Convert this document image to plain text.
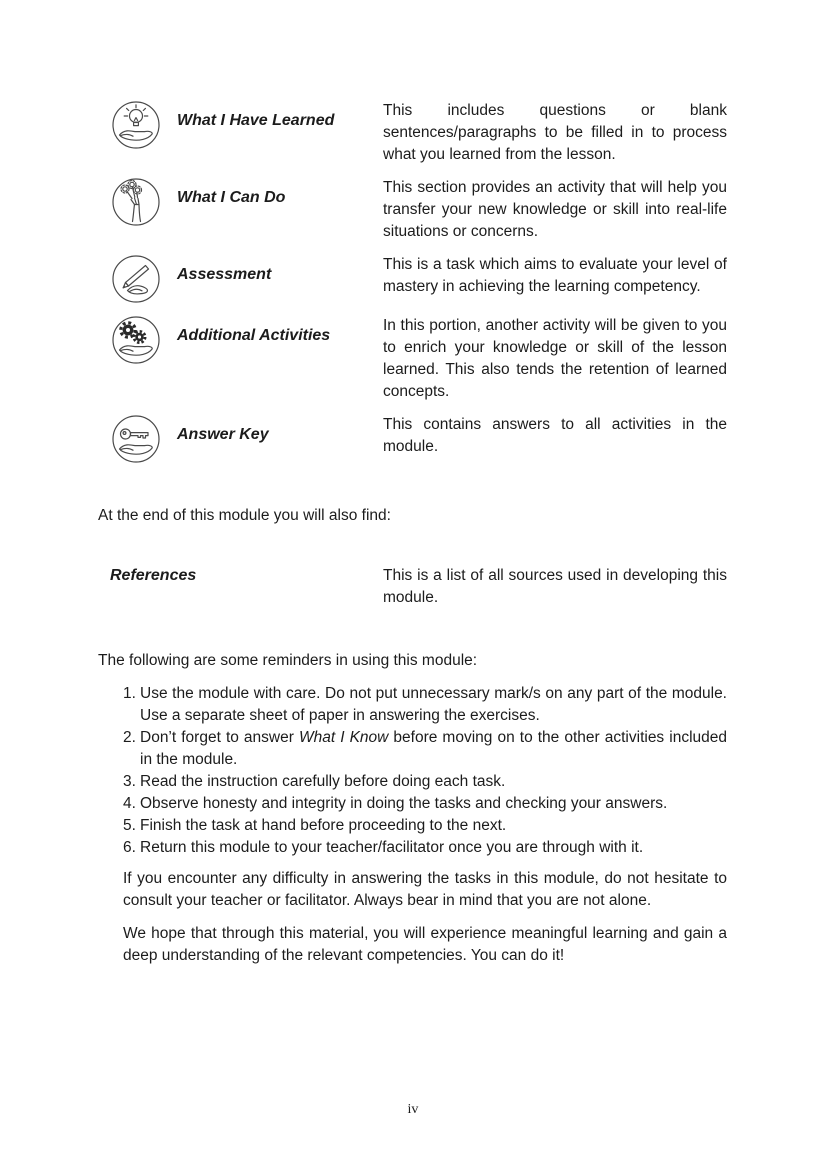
What I Have Learned
This includes questions or blank sentences/paragraphs to be filled in to process what you learned from the lesson.
What I Can Do
This section provides an activity that will help you transfer your new knowledge or skill into real-life situations or concerns.
Assessment
This is a task which aims to evaluate your level of mastery in achieving the learning competency.
Additional Activities
In this portion, another activity will be given to you to enrich your knowledge or skill of the lesson learned. This also tends the retention of learned concepts.
Answer Key
This contains answers to all activities in the module.

At the end of this module you will also find:

References	This is a list of all sources used in developing this module.

The following are some reminders in using this module:

1. Use the module with care. Do not put unnecessary mark/s on any part of the module. Use a separate sheet of paper in answering the exercises.
2. Don’t forget to answer What I Know before moving on to the other activities included in the module.
3. Read the instruction carefully before doing each task.
4. Observe honesty and integrity in doing the tasks and checking your answers.
5. Finish the task at hand before proceeding to the next.
6. Return this module to your teacher/facilitator once you are through with it.

If you encounter any difficulty in answering the tasks in this module, do not hesitate to consult your teacher or facilitator. Always bear in mind that you are not alone.

We hope that through this material, you will experience meaningful learning and gain a deep understanding of the relevant competencies. You can do it!

iv
